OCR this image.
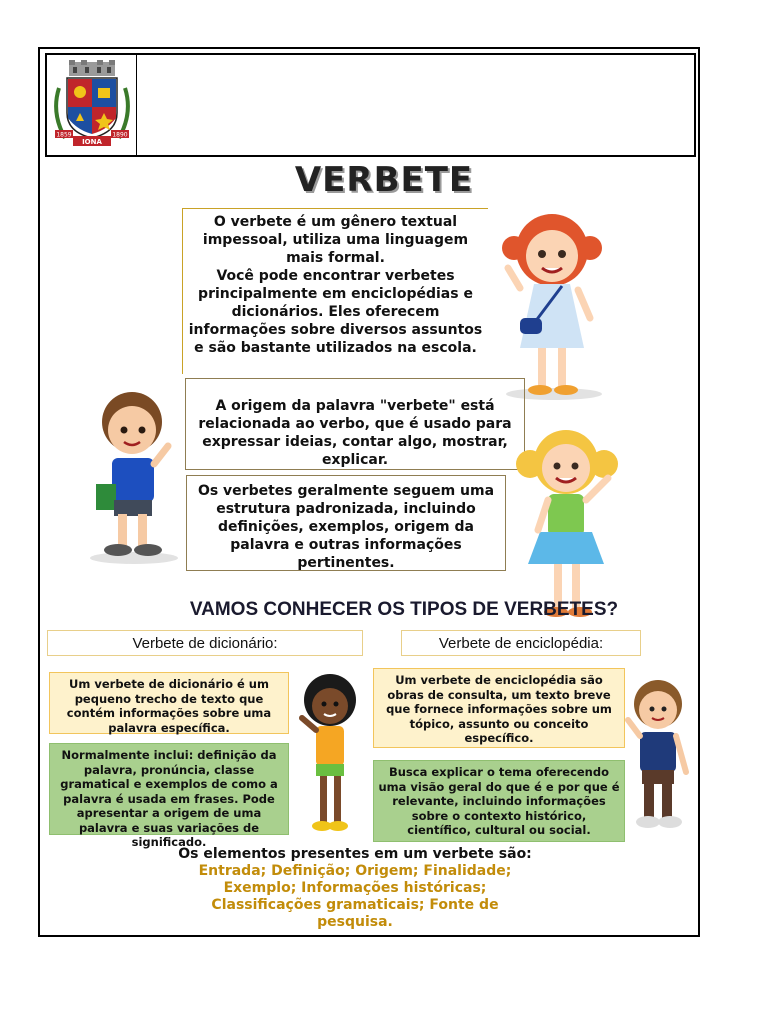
1859	1890
IONA
VERBETE

O verbete é um gênero textual impessoal, utiliza uma linguagem mais formal.

Você pode encontrar verbetes principalmente em enciclopédias e dicionários. Eles oferecem informações sobre diversos assuntos e são bastante utilizados na escola.

A origem da palavra "verbete" está relacionada ao verbo, que é usado para expressar ideias, contar algo, mostrar, explicar.
Os verbetes geralmente seguem uma estrutura padronizada, incluindo definições, exemplos, origem da palavra e outras informações pertinentes.
VAMOS CONHECER OS TIPOS DE VERBETES?
Verbete de dicionário:	Verbete de enciclopédia:
Um verbete de dicionário é um pequeno trecho de texto que contém informações sobre uma palavra específica.
Normalmente inclui: definição da palavra, pronúncia, classe gramatical e exemplos de como a palavra é usada em frases. Pode apresentar a origem de uma palavra e suas variações de significado.
Um verbete de enciclopédia são obras de consulta, um texto breve que fornece informações sobre um tópico, assunto ou conceito específico.
Busca explicar o tema oferecendo uma visão geral do que é e por que é relevante, incluindo informações sobre o contexto histórico, científico, cultural ou social.
Os elementos presentes em um verbete são: Entrada; Definição; Origem; Finalidade; Exemplo; Informações históricas; Classificações gramaticais; Fonte de pesquisa.
